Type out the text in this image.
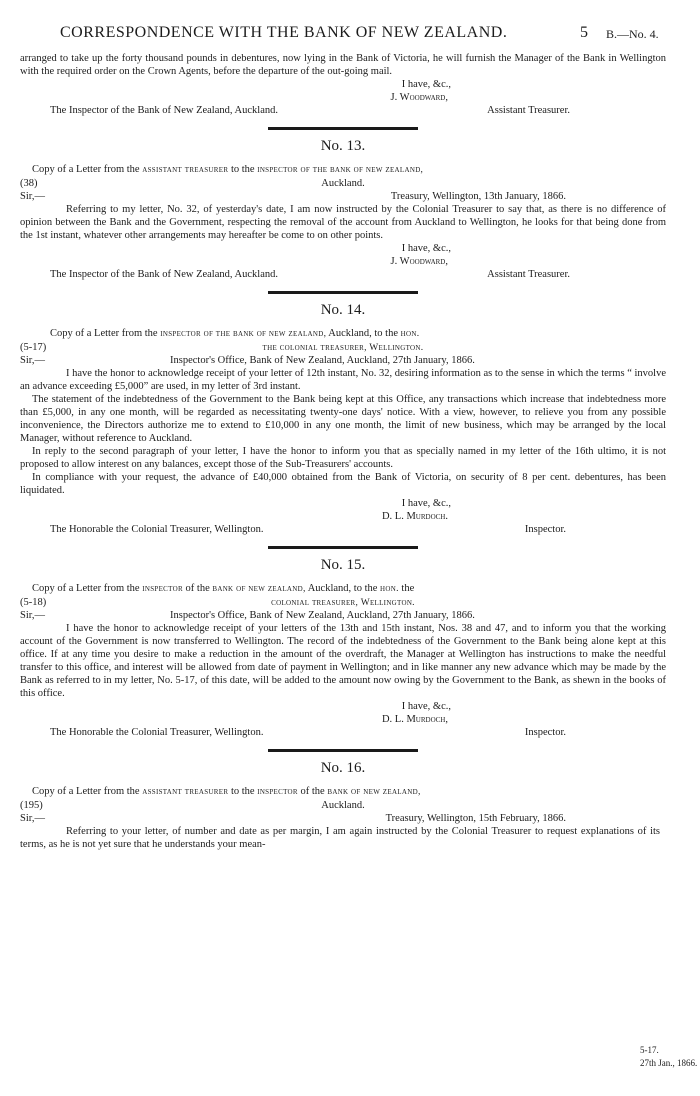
CORRESPONDENCE WITH THE BANK OF NEW ZEALAND.	5 B.—No. 4.

arranged to take up the forty thousand pounds in debentures, now lying in the Bank of Victoria, he will furnish the Manager of the Bank in Wellington with the required order on the Crown Agents, before the departure of the out-going mail.

I have, &c.,
J. Woodward,
The Inspector of the Bank of New Zealand, Auckland.	Assistant Treasurer.
No. 13.

Copy of a Letter from the assistant treasurer to the inspector of the bank of new zealand,

(38)	Auckland.
Sir,—	Treasury, Wellington, 13th January, 1866.

Referring to my letter, No. 32, of yesterday's date, I am now instructed by the Colonial Treasurer to say that, as there is no difference of opinion between the Bank and the Government, respecting the removal of the account from Auckland to Wellington, he looks for that being done from the 1st instant, whatever other arrangements may hereafter be come to on other points.

I have, &c.,
J. Woodward,
The Inspector of the Bank of New Zealand, Auckland.	Assistant Treasurer.
No. 14.

Copy of a Letter from the inspector of the bank of new zealand, Auckland, to the hon.

(5-17)	the colonial treasurer, Wellington.
Sir,—	Inspector's Office, Bank of New Zealand, Auckland, 27th January, 1866.

I have the honor to acknowledge receipt of your letter of 12th instant, No. 32, desiring information as to the sense in which the terms “ involve an advance exceeding £5,000” are used, in my letter of 3rd instant.

The statement of the indebtedness of the Government to the Bank being kept at this Office, any transactions which increase that indebtedness more than £5,000, in any one month, will be regarded as necessitating twenty-one days' notice. With a view, however, to relieve you from any possible inconvenience, the Directors authorize me to extend to £10,000 in any one month, the limit of new business, which may be arranged by the local Manager, without reference to Auckland.

In reply to the second paragraph of your letter, I have the honor to inform you that as specially named in my letter of the 16th ultimo, it is not proposed to allow interest on any balances, except those of the Sub-Treasurers' accounts.

In compliance with your request, the advance of £40,000 obtained from the Bank of Victoria, on security of 8 per cent. debentures, has been liquidated.

I have, &c.,
D. L. Murdoch.
The Honorable the Colonial Treasurer, Wellington.	Inspector.
No. 15.

Copy of a Letter from the inspector of the bank of new zealand, Auckland, to the hon. the

(5-18)	colonial treasurer, Wellington.
Sir,—	Inspector's Office, Bank of New Zealand, Auckland, 27th January, 1866.

I have the honor to acknowledge receipt of your letters of the 13th and 15th instant, Nos. 38 and 47, and to inform you that the working account of the Government is now transferred to Wellington. The record of the indebtedness of the Government to the Bank being alone kept at this office. If at any time you desire to make a reduction in the amount of the overdraft, the Manager at Wellington has instructions to make the needful transfer to this office, and interest will be allowed from date of payment in Wellington; and in like manner any new advance which may be made by the Bank as referred to in my letter, No. 5-17, of this date, will be added to the amount now owing by the Government to the Bank, as shewn in the books of this office.

I have, &c.,
D. L. Murdoch,
The Honorable the Colonial Treasurer, Wellington.	Inspector.
No. 16.

Copy of a Letter from the assistant treasurer to the inspector of the bank of new zealand,

(195)	Auckland.
Sir,—	Treasury, Wellington, 15th February, 1866.

Referring to your letter, of number and date as per margin, I am again instructed by the Colonial Treasurer to request explanations of its terms, as he is not yet sure that he understands your mean-

5-17.
27th Jan., 1866.
